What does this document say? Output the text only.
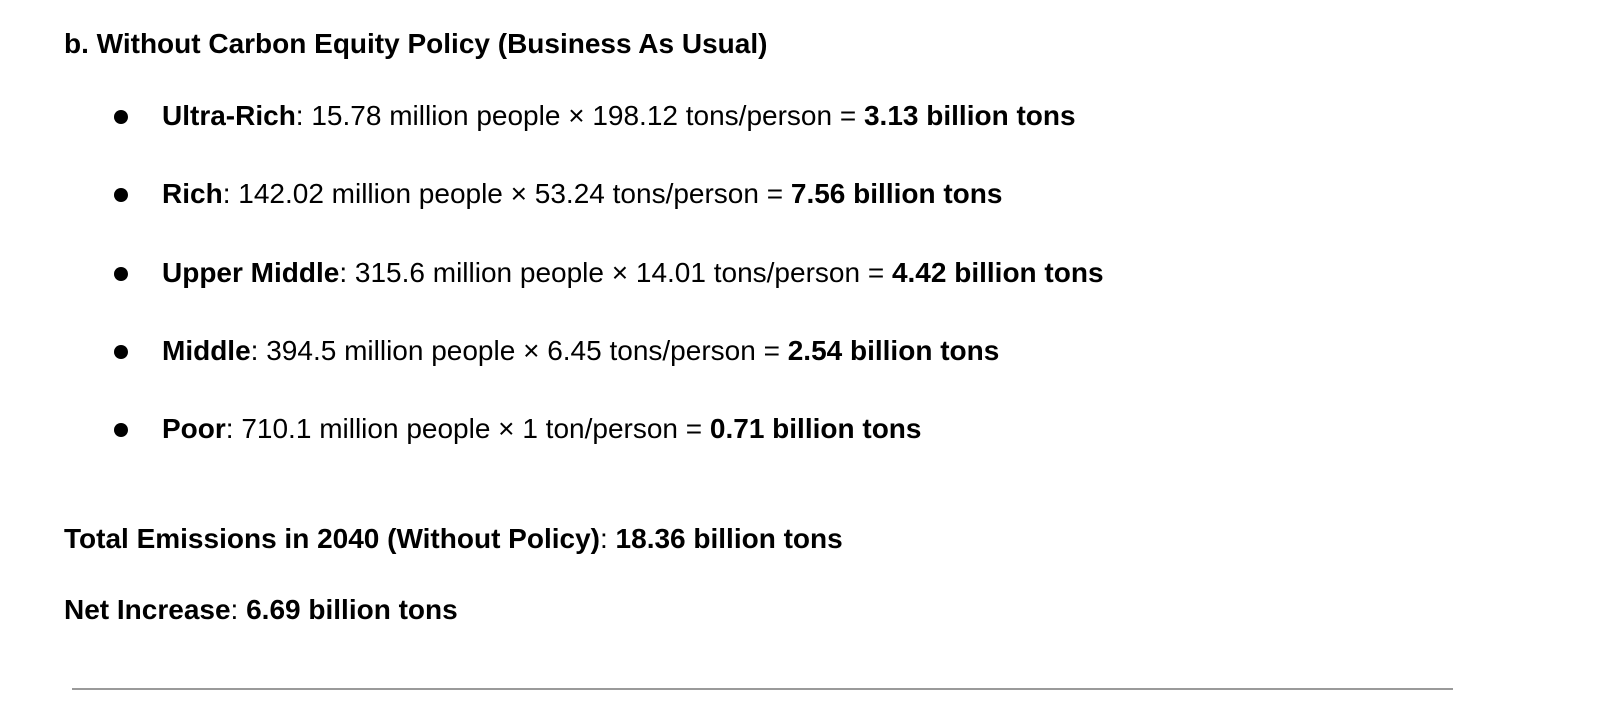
b. Without Carbon Equity Policy (Business As Usual)
Ultra-Rich: 15.78 million people × 198.12 tons/person = 3.13 billion tons
Rich: 142.02 million people × 53.24 tons/person = 7.56 billion tons
Upper Middle: 315.6 million people × 14.01 tons/person = 4.42 billion tons
Middle: 394.5 million people × 6.45 tons/person = 2.54 billion tons
Poor: 710.1 million people × 1 ton/person = 0.71 billion tons
Total Emissions in 2040 (Without Policy): 18.36 billion tons
Net Increase: 6.69 billion tons
